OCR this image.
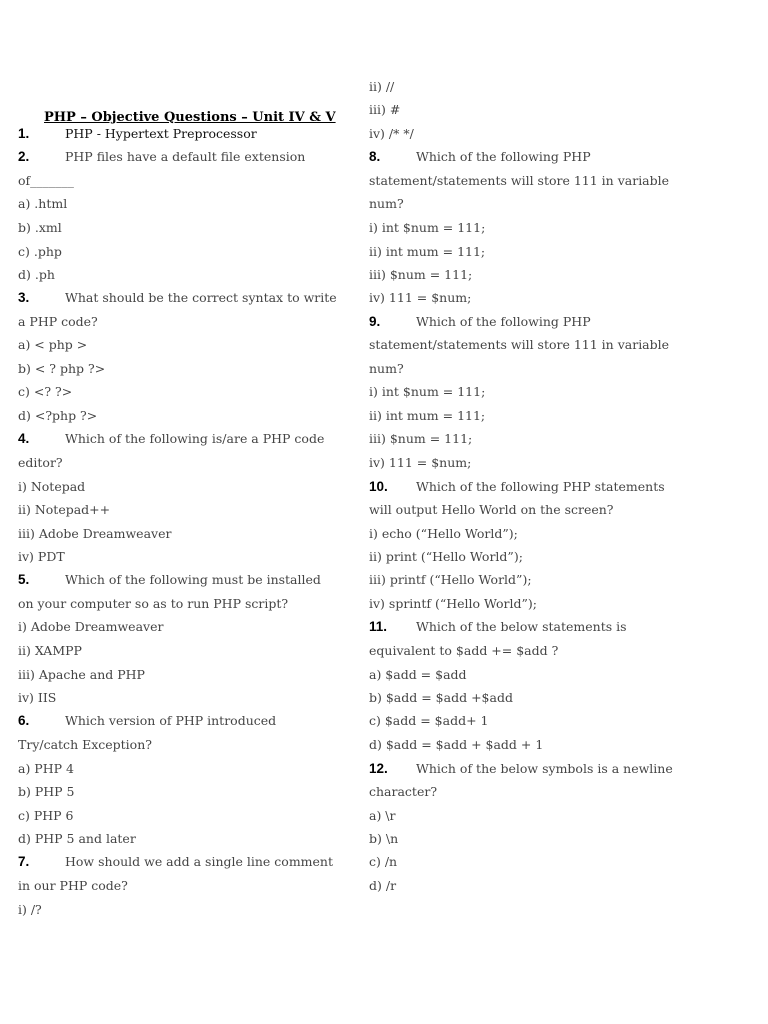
PHP – Objective Questions – Unit IV & V
1.	PHP - Hypertext Preprocessor
2.	PHP files have a default file extension
of_______
a) .html
b) .xml
c) .php
d) .ph
3.	What should be the correct syntax to write
a PHP code?
a) < php >
b) < ? php ?>
c) <? ?>
d) <?php ?>
4.	Which of the following is/are a PHP code
editor?
i) Notepad
ii) Notepad++
iii) Adobe Dreamweaver
iv) PDT
5.	Which of the following must be installed
on your computer so as to run PHP script?
i) Adobe Dreamweaver
ii) XAMPP
iii) Apache and PHP
iv) IIS
6.	Which version of PHP introduced
Try/catch Exception?
a) PHP 4
b) PHP 5
c) PHP 6
d) PHP 5 and later
7.	How should we add a single line comment
in our PHP code?
i) /?
ii) //
iii) #
iv) /* */
8.	Which of the following PHP
statement/statements will store 111 in variable
num?
i) int $num = 111;
ii) int mum = 111;
iii) $num = 111;
iv) 111 = $num;
9.	Which of the following PHP
statement/statements will store 111 in variable
num?
i) int $num = 111;
ii) int mum = 111;
iii) $num = 111;
iv) 111 = $num;
10. Which of the following PHP statements
will output Hello World on the screen?
i) echo (“Hello World”);
ii) print (“Hello World”);
iii) printf (“Hello World”);
iv) sprintf (“Hello World”);
11. Which of the below statements is
equivalent to $add += $add ?
a) $add = $add
b) $add = $add +$add
c) $add = $add+ 1
d) $add = $add + $add + 1
12. Which of the below symbols is a newline
character?
a) \r
b) \n
c) /n
d) /r
